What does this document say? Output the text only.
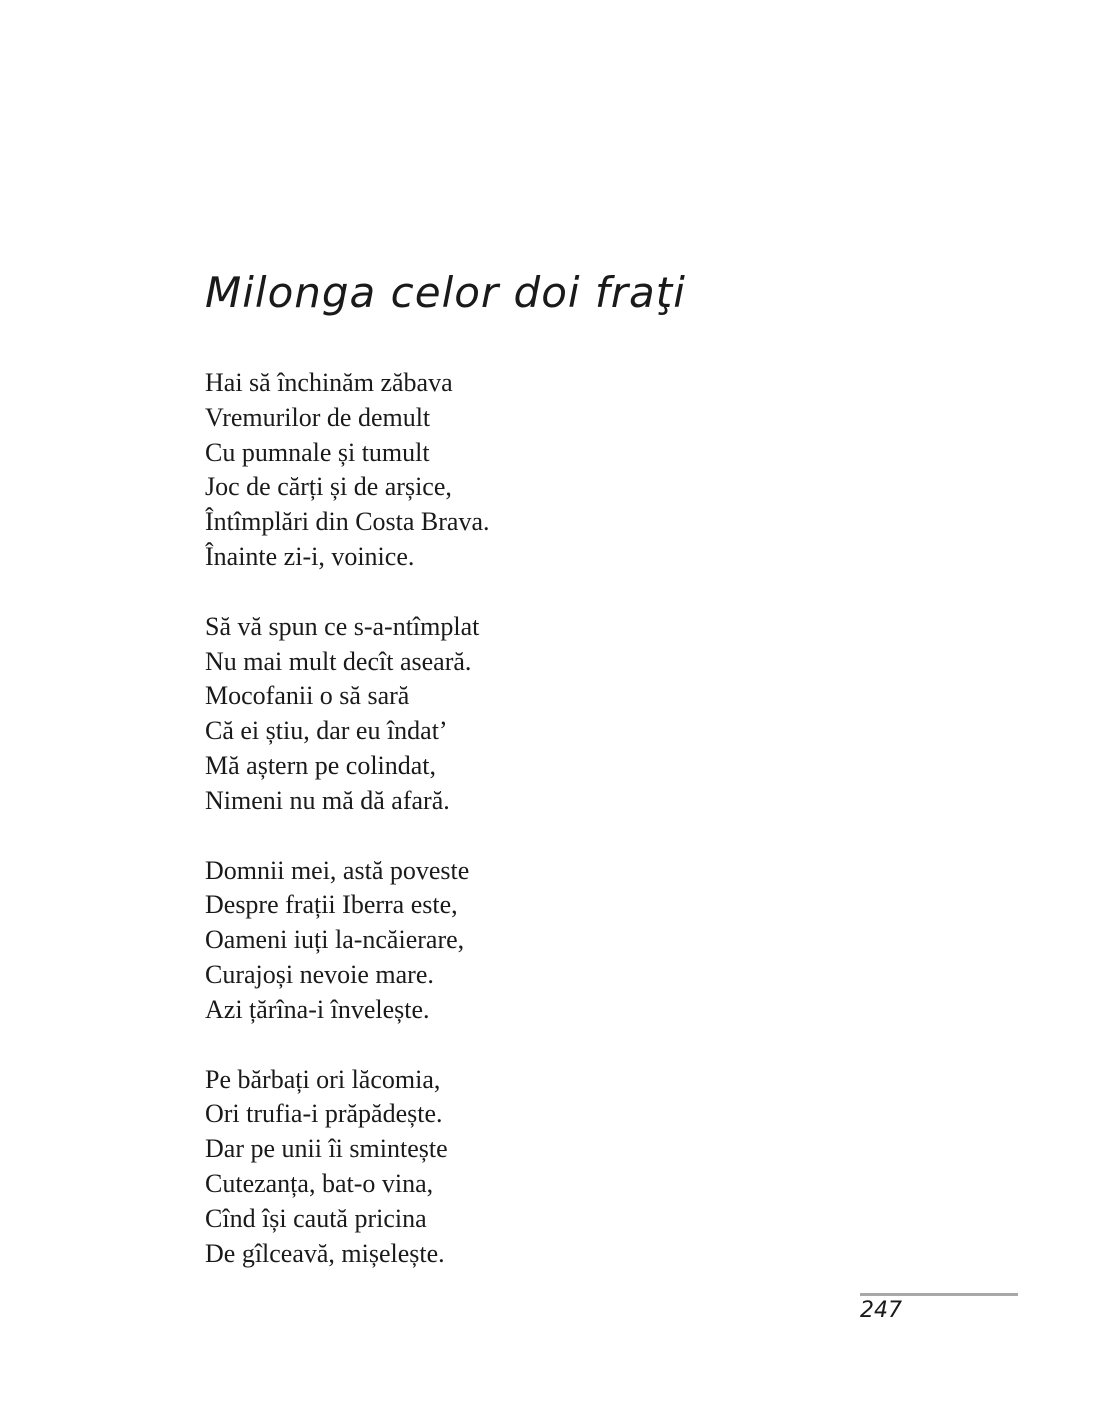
Milonga celor doi fraţi
Hai să închinăm zăbava
Vremurilor de demult
Cu pumnale și tumult
Joc de cărți și de arșice,
Întîmplări din Costa Brava.
Înainte zi-i, voinice.
Să vă spun ce s-a-ntîmplat
Nu mai mult decît aseară.
Mocofanii o să sară
Că ei știu, dar eu îndat’
Mă aștern pe colindat,
Nimeni nu mă dă afară.
Domnii mei, astă poveste
Despre frații Iberra este,
Oameni iuți la-ncăierare,
Curajoși nevoie mare.
Azi țărîna-i învelește.
Pe bărbați ori lăcomia,
Ori trufia-i prăpădește.
Dar pe unii îi smintește
Cutezanța, bat-o vina,
Cînd își caută pricina
De gîlceavă, mișelește.
247
